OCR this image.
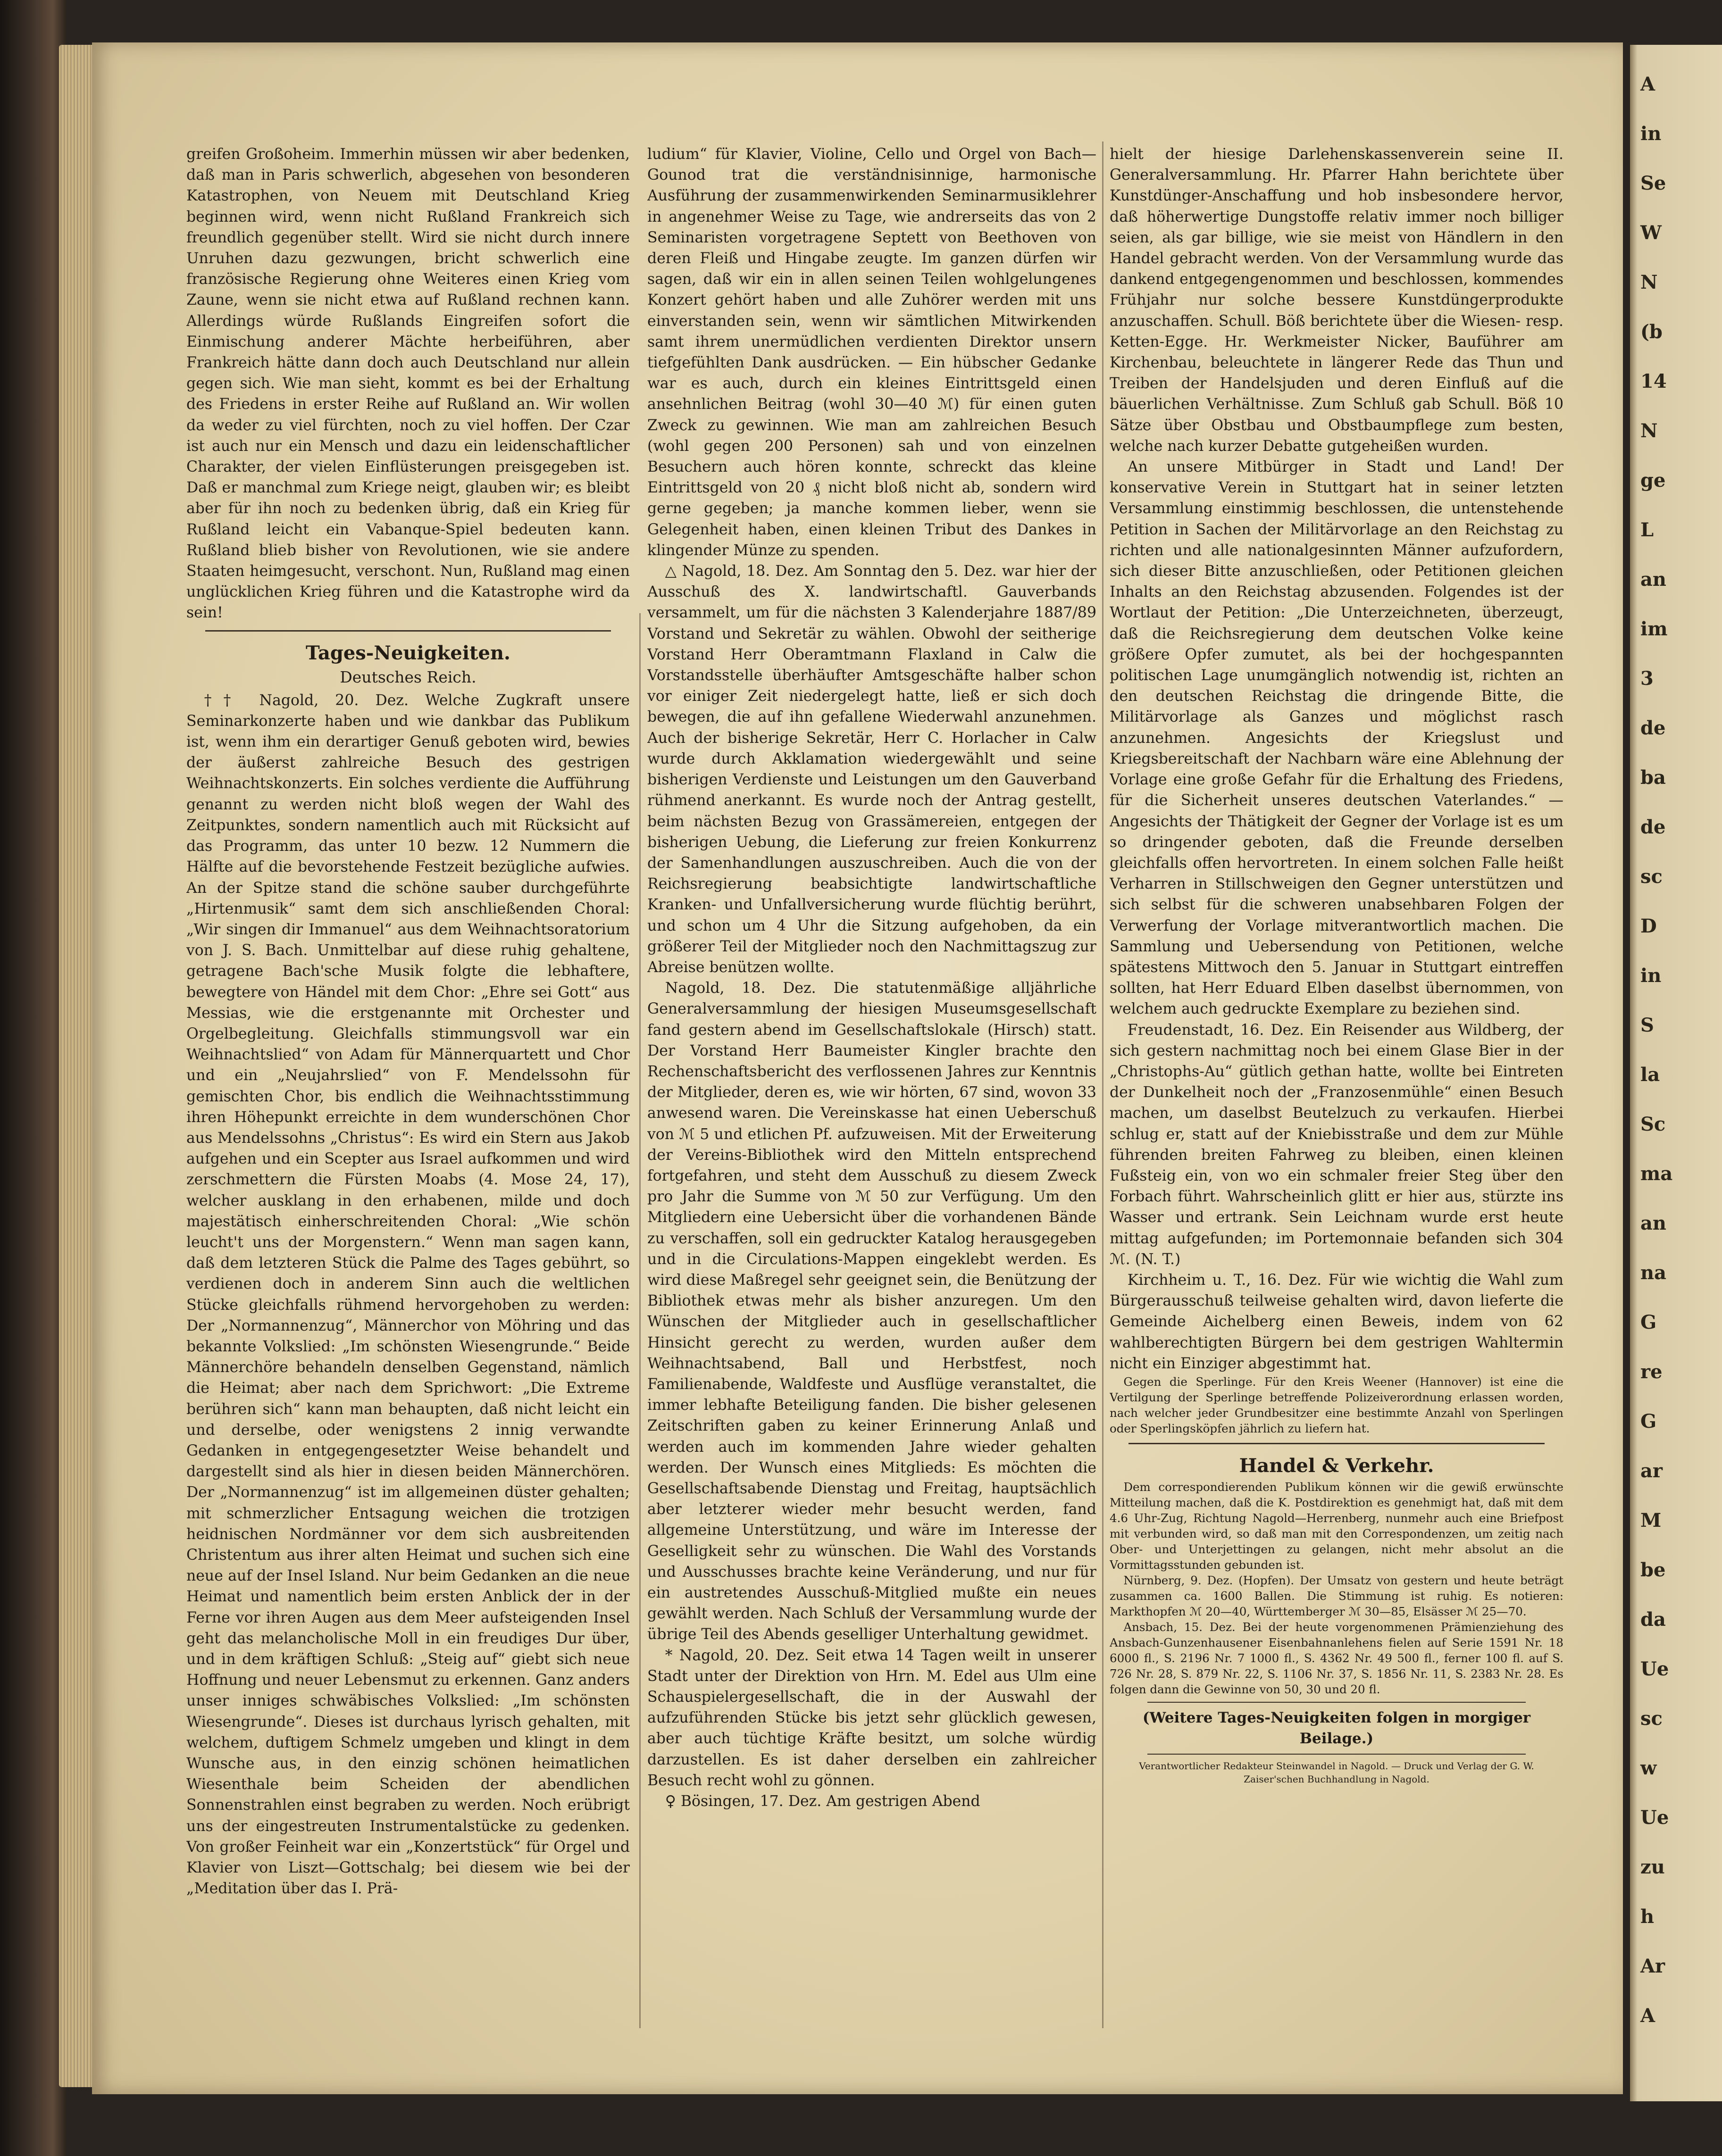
greifen Großoheim. Immerhin müssen wir aber bedenken, daß man in Paris schwerlich, abgesehen von besonderen Katastrophen, von Neuem mit Deutschland Krieg beginnen wird, wenn nicht Rußland Frankreich sich freundlich gegenüber stellt. Wird sie nicht durch innere Unruhen dazu gezwungen, bricht schwerlich eine französische Regierung ohne Weiteres einen Krieg vom Zaune, wenn sie nicht etwa auf Rußland rechnen kann. Allerdings würde Rußlands Eingreifen sofort die Einmischung anderer Mächte herbeiführen, aber Frankreich hätte dann doch auch Deutschland nur allein gegen sich. Wie man sieht, kommt es bei der Erhaltung des Friedens in erster Reihe auf Rußland an. Wir wollen da weder zu viel fürchten, noch zu viel hoffen. Der Czar ist auch nur ein Mensch und dazu ein leidenschaftlicher Charakter, der vielen Einflüsterungen preisgegeben ist. Daß er manchmal zum Kriege neigt, glauben wir; es bleibt aber für ihn noch zu bedenken übrig, daß ein Krieg für Rußland leicht ein Vabanque-Spiel bedeuten kann. Rußland blieb bisher von Revolutionen, wie sie andere Staaten heimgesucht, verschont. Nun, Rußland mag einen unglücklichen Krieg führen und die Katastrophe wird da sein!

Tages-Neuigkeiten.
Deutsches Reich.

†† Nagold, 20. Dez. Welche Zugkraft unsere Seminarkonzerte haben und wie dankbar das Publikum ist, wenn ihm ein derartiger Genuß geboten wird, bewies der äußerst zahlreiche Besuch des gestrigen Weihnachtskonzerts. Ein solches verdiente die Aufführung genannt zu werden nicht bloß wegen der Wahl des Zeitpunktes, sondern namentlich auch mit Rücksicht auf das Programm, das unter 10 bezw. 12 Nummern die Hälfte auf die bevorstehende Festzeit bezügliche aufwies. An der Spitze stand die schöne sauber durchgeführte „Hirtenmusik“ samt dem sich anschließenden Choral: „Wir singen dir Immanuel“ aus dem Weihnachtsoratorium von J. S. Bach. Unmittelbar auf diese ruhig gehaltene, getragene Bach'sche Musik folgte die lebhaftere, bewegtere von Händel mit dem Chor: „Ehre sei Gott“ aus Messias, wie die erstgenannte mit Orchester und Orgelbegleitung. Gleichfalls stimmungsvoll war ein Weihnachtslied“ von Adam für Männerquartett und Chor und ein „Neujahrslied“ von F. Mendelssohn für gemischten Chor, bis endlich die Weihnachtsstimmung ihren Höhepunkt erreichte in dem wunderschönen Chor aus Mendelssohns „Christus“: Es wird ein Stern aus Jakob aufgehen und ein Scepter aus Israel aufkommen und wird zerschmettern die Fürsten Moabs (4. Mose 24, 17), welcher ausklang in den erhabenen, milde und doch majestätisch einherschreitenden Choral: „Wie schön leucht't uns der Morgenstern.“ Wenn man sagen kann, daß dem letzteren Stück die Palme des Tages gebührt, so verdienen doch in anderem Sinn auch die weltlichen Stücke gleichfalls rühmend hervorgehoben zu werden: Der „Normannenzug“, Männerchor von Möhring und das bekannte Volkslied: „Im schönsten Wiesengrunde.“ Beide Männerchöre behandeln denselben Gegenstand, nämlich die Heimat; aber nach dem Sprichwort: „Die Extreme berühren sich“ kann man behaupten, daß nicht leicht ein und derselbe, oder wenigstens 2 innig verwandte Gedanken in entgegengesetzter Weise behandelt und dargestellt sind als hier in diesen beiden Männerchören. Der „Normannenzug“ ist im allgemeinen düster gehalten; mit schmerzlicher Entsagung weichen die trotzigen heidnischen Nordmänner vor dem sich ausbreitenden Christentum aus ihrer alten Heimat und suchen sich eine neue auf der Insel Island. Nur beim Gedanken an die neue Heimat und namentlich beim ersten Anblick der in der Ferne vor ihren Augen aus dem Meer aufsteigenden Insel geht das melancholische Moll in ein freudiges Dur über, und in dem kräftigen Schluß: „Steig auf“ giebt sich neue Hoffnung und neuer Lebensmut zu erkennen. Ganz anders unser inniges schwäbisches Volkslied: „Im schönsten Wiesengrunde“. Dieses ist durchaus lyrisch gehalten, mit welchem, duftigem Schmelz umgeben und klingt in dem Wunsche aus, in den einzig schönen heimatlichen Wiesenthale beim Scheiden der abendlichen Sonnenstrahlen einst begraben zu werden. Noch erübrigt uns der eingestreuten Instrumentalstücke zu gedenken. Von großer Feinheit war ein „Konzertstück“ für Orgel und Klavier von Liszt—Gottschalg; bei diesem wie bei der „Meditation über das I. Prä-

ludium“ für Klavier, Violine, Cello und Orgel von Bach—Gounod trat die verständnisinnige, harmonische Ausführung der zusammenwirkenden Seminarmusiklehrer in angenehmer Weise zu Tage, wie andrerseits das von 2 Seminaristen vorgetragene Septett von Beethoven von deren Fleiß und Hingabe zeugte. Im ganzen dürfen wir sagen, daß wir ein in allen seinen Teilen wohlgelungenes Konzert gehört haben und alle Zuhörer werden mit uns einverstanden sein, wenn wir sämtlichen Mitwirkenden samt ihrem unermüdlichen verdienten Direktor unsern tiefgefühlten Dank ausdrücken. — Ein hübscher Gedanke war es auch, durch ein kleines Eintrittsgeld einen ansehnlichen Beitrag (wohl 30—40 ℳ) für einen guten Zweck zu gewinnen. Wie man am zahlreichen Besuch (wohl gegen 200 Personen) sah und von einzelnen Besuchern auch hören konnte, schreckt das kleine Eintrittsgeld von 20 ₰ nicht bloß nicht ab, sondern wird gerne gegeben; ja manche kommen lieber, wenn sie Gelegenheit haben, einen kleinen Tribut des Dankes in klingender Münze zu spenden.

△ Nagold, 18. Dez. Am Sonntag den 5. Dez. war hier der Ausschuß des X. landwirtschaftl. Gauverbands versammelt, um für die nächsten 3 Kalenderjahre 1887/89 Vorstand und Sekretär zu wählen. Obwohl der seitherige Vorstand Herr Oberamtmann Flaxland in Calw die Vorstandsstelle überhäufter Amtsgeschäfte halber schon vor einiger Zeit niedergelegt hatte, ließ er sich doch bewegen, die auf ihn gefallene Wiederwahl anzunehmen. Auch der bisherige Sekretär, Herr C. Horlacher in Calw wurde durch Akklamation wiedergewählt und seine bisherigen Verdienste und Leistungen um den Gauverband rühmend anerkannt. Es wurde noch der Antrag gestellt, beim nächsten Bezug von Grassämereien, entgegen der bisherigen Uebung, die Lieferung zur freien Konkurrenz der Samenhandlungen auszuschreiben. Auch die von der Reichsregierung beabsichtigte landwirtschaftliche Kranken- und Unfallversicherung wurde flüchtig berührt, und schon um 4 Uhr die Sitzung aufgehoben, da ein größerer Teil der Mitglieder noch den Nachmittagszug zur Abreise benützen wollte.

Nagold, 18. Dez. Die statutenmäßige alljährliche Generalversammlung der hiesigen Museumsgesellschaft fand gestern abend im Gesellschaftslokale (Hirsch) statt. Der Vorstand Herr Baumeister Kingler brachte den Rechenschaftsbericht des verflossenen Jahres zur Kenntnis der Mitglieder, deren es, wie wir hörten, 67 sind, wovon 33 anwesend waren. Die Vereinskasse hat einen Ueberschuß von ℳ 5 und etlichen Pf. aufzuweisen. Mit der Erweiterung der Vereins-Bibliothek wird den Mitteln entsprechend fortgefahren, und steht dem Ausschuß zu diesem Zweck pro Jahr die Summe von ℳ 50 zur Verfügung. Um den Mitgliedern eine Uebersicht über die vorhandenen Bände zu verschaffen, soll ein gedruckter Katalog herausgegeben und in die Circulations-Mappen eingeklebt werden. Es wird diese Maßregel sehr geeignet sein, die Benützung der Bibliothek etwas mehr als bisher anzuregen. Um den Wünschen der Mitglieder auch in gesellschaftlicher Hinsicht gerecht zu werden, wurden außer dem Weihnachtsabend, Ball und Herbstfest, noch Familienabende, Waldfeste und Ausflüge veranstaltet, die immer lebhafte Beteiligung fanden. Die bisher gelesenen Zeitschriften gaben zu keiner Erinnerung Anlaß und werden auch im kommenden Jahre wieder gehalten werden. Der Wunsch eines Mitglieds: Es möchten die Gesellschaftsabende Dienstag und Freitag, hauptsächlich aber letzterer wieder mehr besucht werden, fand allgemeine Unterstützung, und wäre im Interesse der Geselligkeit sehr zu wünschen. Die Wahl des Vorstands und Ausschusses brachte keine Veränderung, und nur für ein austretendes Ausschuß-Mitglied mußte ein neues gewählt werden. Nach Schluß der Versammlung wurde der übrige Teil des Abends geselliger Unterhaltung gewidmet.

* Nagold, 20. Dez. Seit etwa 14 Tagen weilt in unserer Stadt unter der Direktion von Hrn. M. Edel aus Ulm eine Schauspielergesellschaft, die in der Auswahl der aufzuführenden Stücke bis jetzt sehr glücklich gewesen, aber auch tüchtige Kräfte besitzt, um solche würdig darzustellen. Es ist daher derselben ein zahlreicher Besuch recht wohl zu gönnen.

♀ Bösingen, 17. Dez. Am gestrigen Abend

hielt der hiesige Darlehenskassenverein seine II. Generalversammlung. Hr. Pfarrer Hahn berichtete über Kunstdünger-Anschaffung und hob insbesondere hervor, daß höherwertige Dungstoffe relativ immer noch billiger seien, als gar billige, wie sie meist von Händlern in den Handel gebracht werden. Von der Versammlung wurde das dankend entgegengenommen und beschlossen, kommendes Frühjahr nur solche bessere Kunstdüngerprodukte anzuschaffen. Schull. Böß berichtete über die Wiesen- resp. Ketten-Egge. Hr. Werkmeister Nicker, Bauführer am Kirchenbau, beleuchtete in längerer Rede das Thun und Treiben der Handelsjuden und deren Einfluß auf die bäuerlichen Verhältnisse. Zum Schluß gab Schull. Böß 10 Sätze über Obstbau und Obstbaumpflege zum besten, welche nach kurzer Debatte gutgeheißen wurden.

An unsere Mitbürger in Stadt und Land! Der konservative Verein in Stuttgart hat in seiner letzten Versammlung einstimmig beschlossen, die untenstehende Petition in Sachen der Militärvorlage an den Reichstag zu richten und alle nationalgesinnten Männer aufzufordern, sich dieser Bitte anzuschließen, oder Petitionen gleichen Inhalts an den Reichstag abzusenden. Folgendes ist der Wortlaut der Petition: „Die Unterzeichneten, überzeugt, daß die Reichsregierung dem deutschen Volke keine größere Opfer zumutet, als bei der hochgespannten politischen Lage unumgänglich notwendig ist, richten an den deutschen Reichstag die dringende Bitte, die Militärvorlage als Ganzes und möglichst rasch anzunehmen. Angesichts der Kriegslust und Kriegsbereitschaft der Nachbarn wäre eine Ablehnung der Vorlage eine große Gefahr für die Erhaltung des Friedens, für die Sicherheit unseres deutschen Vaterlandes.“ — Angesichts der Thätigkeit der Gegner der Vorlage ist es um so dringender geboten, daß die Freunde derselben gleichfalls offen hervortreten. In einem solchen Falle heißt Verharren in Stillschweigen den Gegner unterstützen und sich selbst für die schweren unabsehbaren Folgen der Verwerfung der Vorlage mitverantwortlich machen. Die Sammlung und Uebersendung von Petitionen, welche spätestens Mittwoch den 5. Januar in Stuttgart eintreffen sollten, hat Herr Eduard Elben daselbst übernommen, von welchem auch gedruckte Exemplare zu beziehen sind.

Freudenstadt, 16. Dez. Ein Reisender aus Wildberg, der sich gestern nachmittag noch bei einem Glase Bier in der „Christophs-Au“ gütlich gethan hatte, wollte bei Eintreten der Dunkelheit noch der „Franzosenmühle“ einen Besuch machen, um daselbst Beutelzuch zu verkaufen. Hierbei schlug er, statt auf der Kniebisstraße und dem zur Mühle führenden breiten Fahrweg zu bleiben, einen kleinen Fußsteig ein, von wo ein schmaler freier Steg über den Forbach führt. Wahrscheinlich glitt er hier aus, stürzte ins Wasser und ertrank. Sein Leichnam wurde erst heute mittag aufgefunden; im Portemonnaie befanden sich 304 ℳ. (N. T.)

Kirchheim u. T., 16. Dez. Für wie wichtig die Wahl zum Bürgerausschuß teilweise gehalten wird, davon lieferte die Gemeinde Aichelberg einen Beweis, indem von 62 wahlberechtigten Bürgern bei dem gestrigen Wahltermin nicht ein Einziger abgestimmt hat.

Gegen die Sperlinge. Für den Kreis Weener (Hannover) ist eine die Vertilgung der Sperlinge betreffende Polizeiverordnung erlassen worden, nach welcher jeder Grundbesitzer eine bestimmte Anzahl von Sperlingen oder Sperlingsköpfen jährlich zu liefern hat.

Handel & Verkehr.

Dem correspondierenden Publikum können wir die gewiß erwünschte Mitteilung machen, daß die K. Postdirektion es genehmigt hat, daß mit dem 4.6 Uhr-Zug, Richtung Nagold—Herrenberg, nunmehr auch eine Briefpost mit verbunden wird, so daß man mit den Correspondenzen, um zeitig nach Ober- und Unterjettingen zu gelangen, nicht mehr absolut an die Vormittagsstunden gebunden ist.

Nürnberg, 9. Dez. (Hopfen). Der Umsatz von gestern und heute beträgt zusammen ca. 1600 Ballen. Die Stimmung ist ruhig. Es notieren: Markthopfen ℳ 20—40, Württemberger ℳ 30—85, Elsässer ℳ 25—70.

Ansbach, 15. Dez. Bei der heute vorgenommenen Prämienziehung des Ansbach-Gunzenhausener Eisenbahnanlehens fielen auf Serie 1591 Nr. 18 6000 fl., S. 2196 Nr. 7 1000 fl., S. 4362 Nr. 49 500 fl., ferner 100 fl. auf S. 726 Nr. 28, S. 879 Nr. 22, S. 1106 Nr. 37, S. 1856 Nr. 11, S. 2383 Nr. 28. Es folgen dann die Gewinne von 50, 30 und 20 fl.

(Weitere Tages-Neuigkeiten folgen in morgiger Beilage.)
Verantwortlicher Redakteur Steinwandel in Nagold. — Druck und Verlag der G. W. Zaiser'schen Buchhandlung in Nagold.
A
in
Se
W
N
(b
14
N
ge
L
an
im
3
de
ba
de
sc
D
in
S
la
Sc
ma
an
na
G
re
G
ar
M
be
da
Ue
sc
w
Ue
zu
h
Ar
A
